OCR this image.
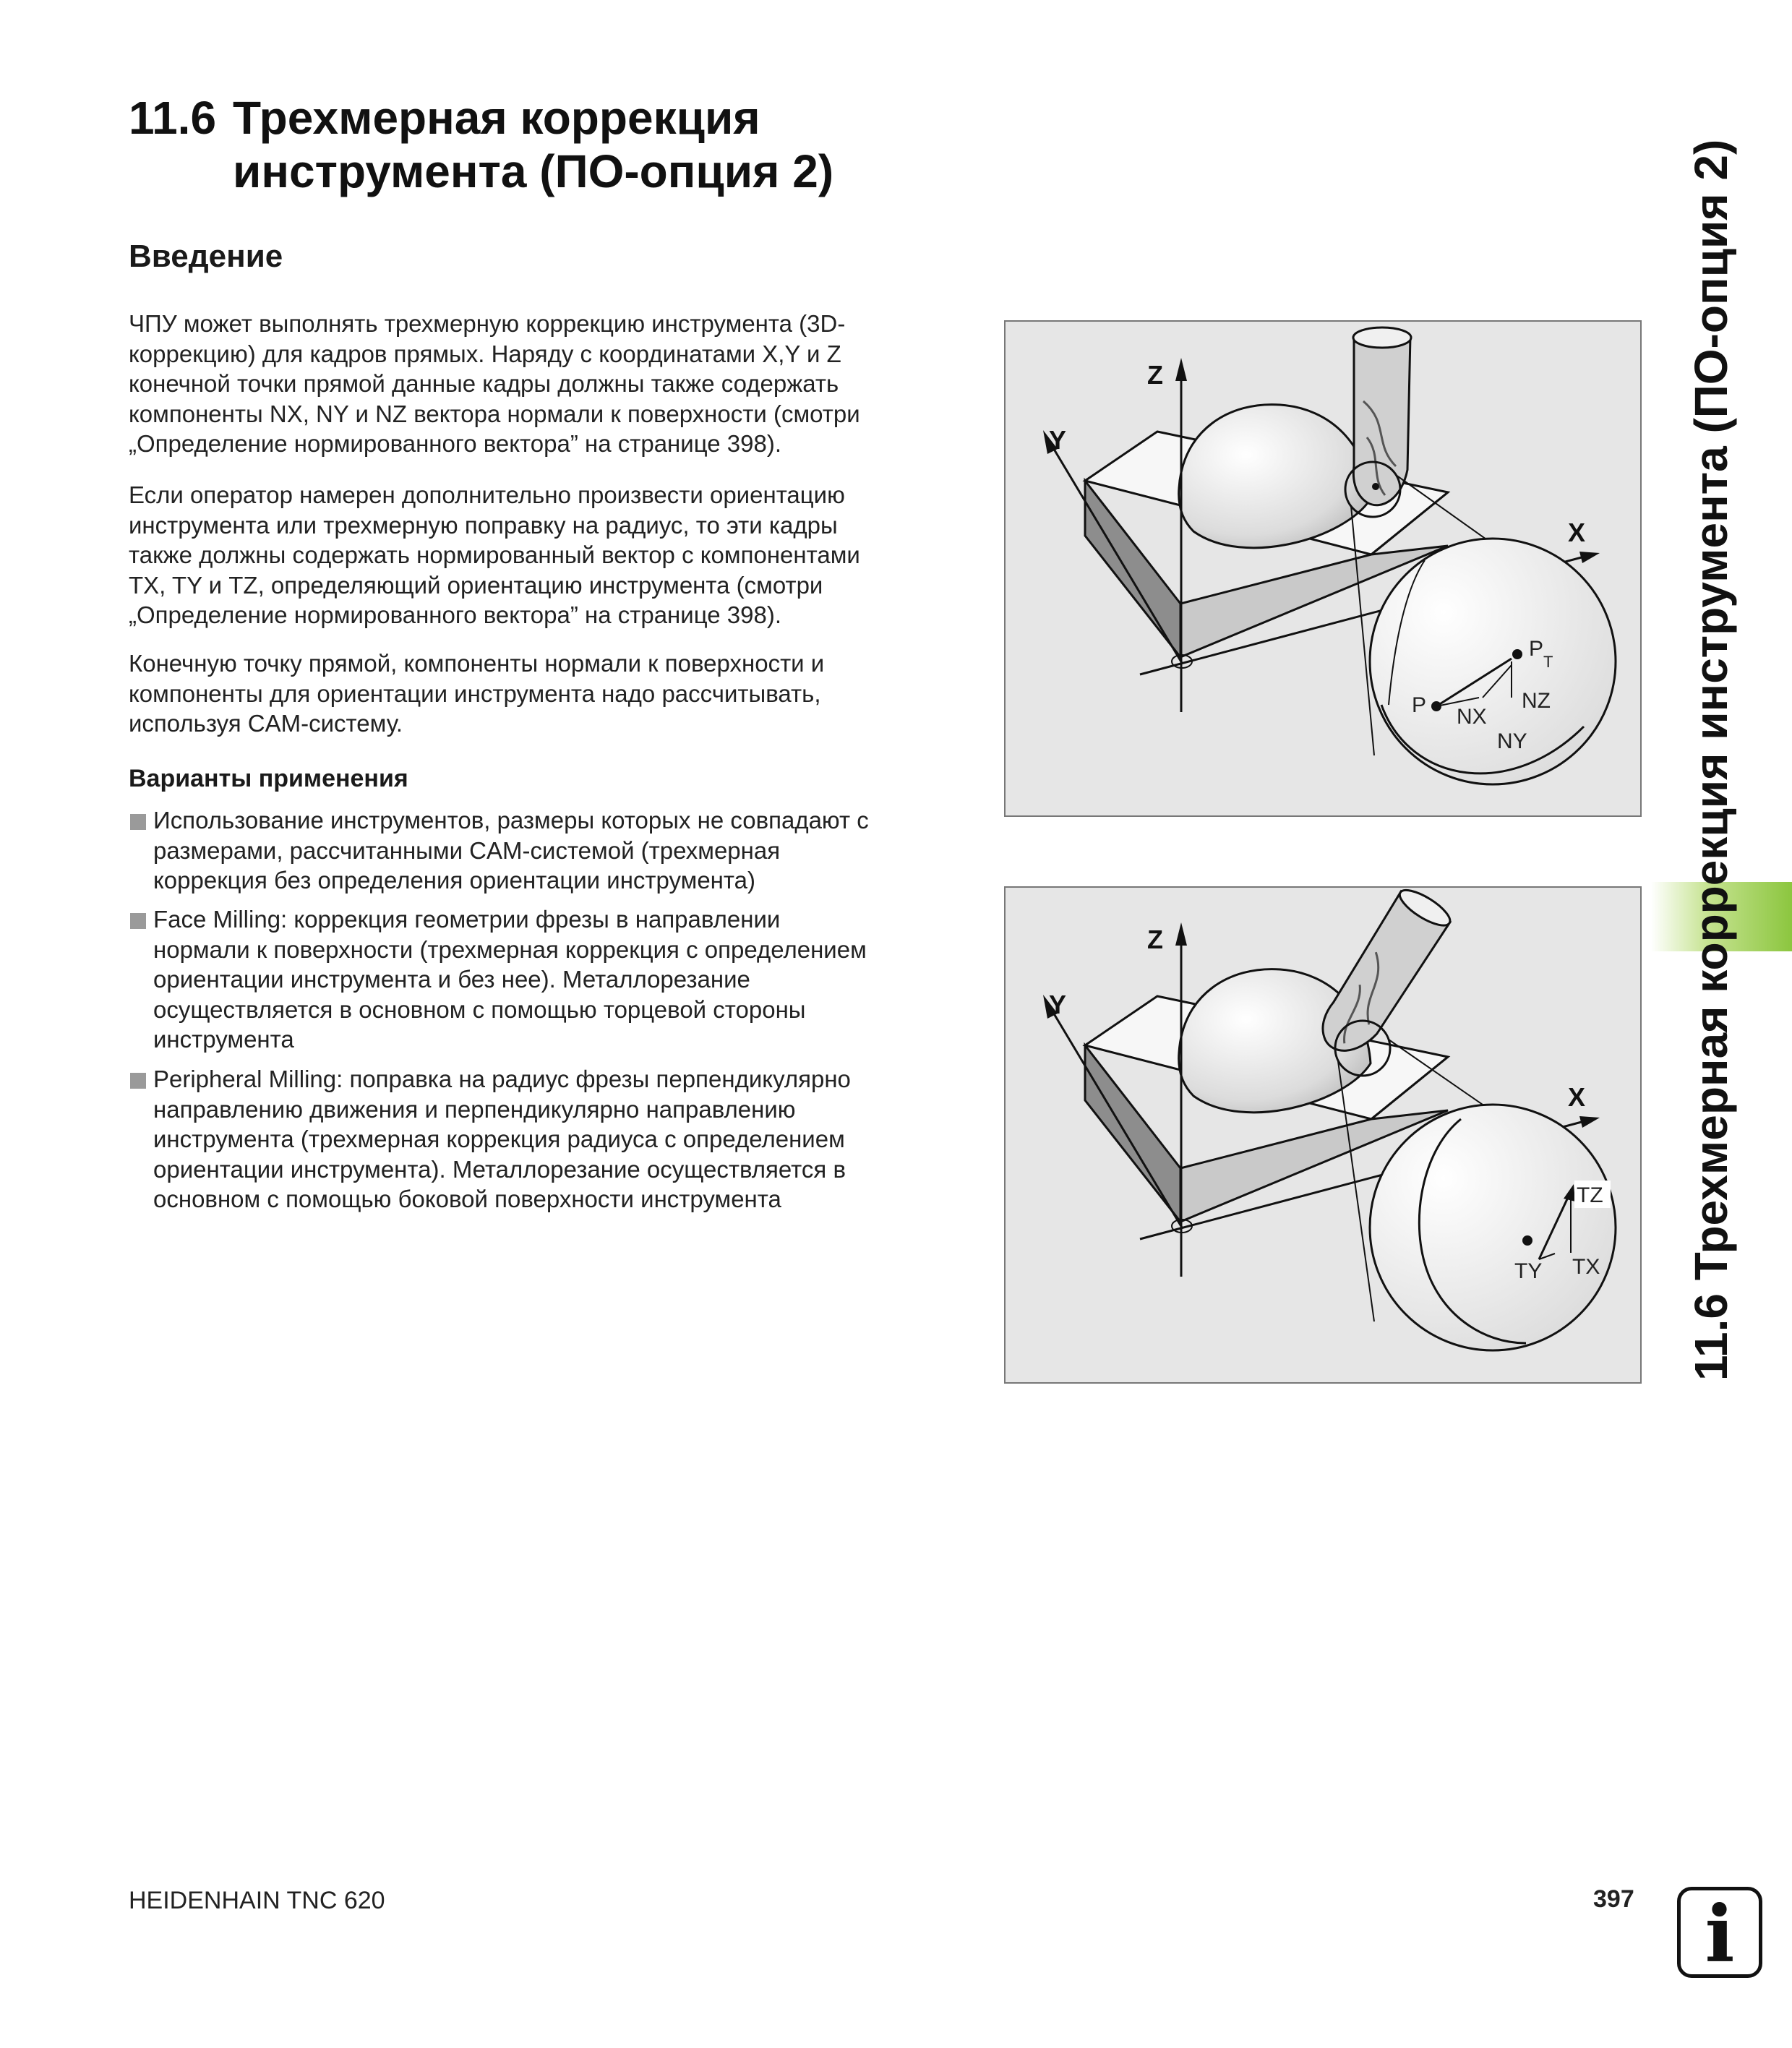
11.6 Трехмерная коррекция
инструмента (ПО-опция 2)
Введение
ЧПУ может выполнять трехмерную коррекцию инструмента (3D-
коррекцию) для кадров прямых. Наряду с координатами X,Y и Z
конечной точки прямой данные кадры должны также содержать
компоненты NX, NY и NZ вектора нормали к поверхности (смотри
„Определение нормированного вектора” на странице 398).
Если оператор намерен дополнительно произвести ориентацию
инструмента или трехмерную поправку на радиус, то эти кадры
также должны содержать нормированный вектор с компонентами
TX, TY и TZ, определяющий ориентацию инструмента (смотри
„Определение нормированного вектора” на странице 398).
Конечную точку прямой, компоненты нормали к поверхности и
компоненты для ориентации инструмента надо рассчитывать,
используя CAM-систему.
Варианты применения
Использование инструментов, размеры которых не совпадают с
размерами, рассчитанными CAM-системой (трехмерная
коррекция без определения ориентации инструмента)
Face Milling: коррекция геометрии фрезы в направлении
нормали к поверхности (трехмерная коррекция с определением
ориентации инструмента и без нее). Металлорезание
осуществляется в основном с помощью торцевой стороны
инструмента
Peripheral Milling: поправка на радиус фрезы перпендикулярно
направлению движения и перпендикулярно направлению
инструмента (трехмерная коррекция радиуса с определением
ориентации инструмента). Металлорезание осуществляется в
основном с помощью боковой поверхности инструмента
Z
Y
X
P
P
T
NX
NZ
NY
Z
Y
X
TZ
TX
TY	11.6 Трехмерная коррекция инструмента (ПО-опция 2)
HEIDENHAIN TNC 620	397 i
